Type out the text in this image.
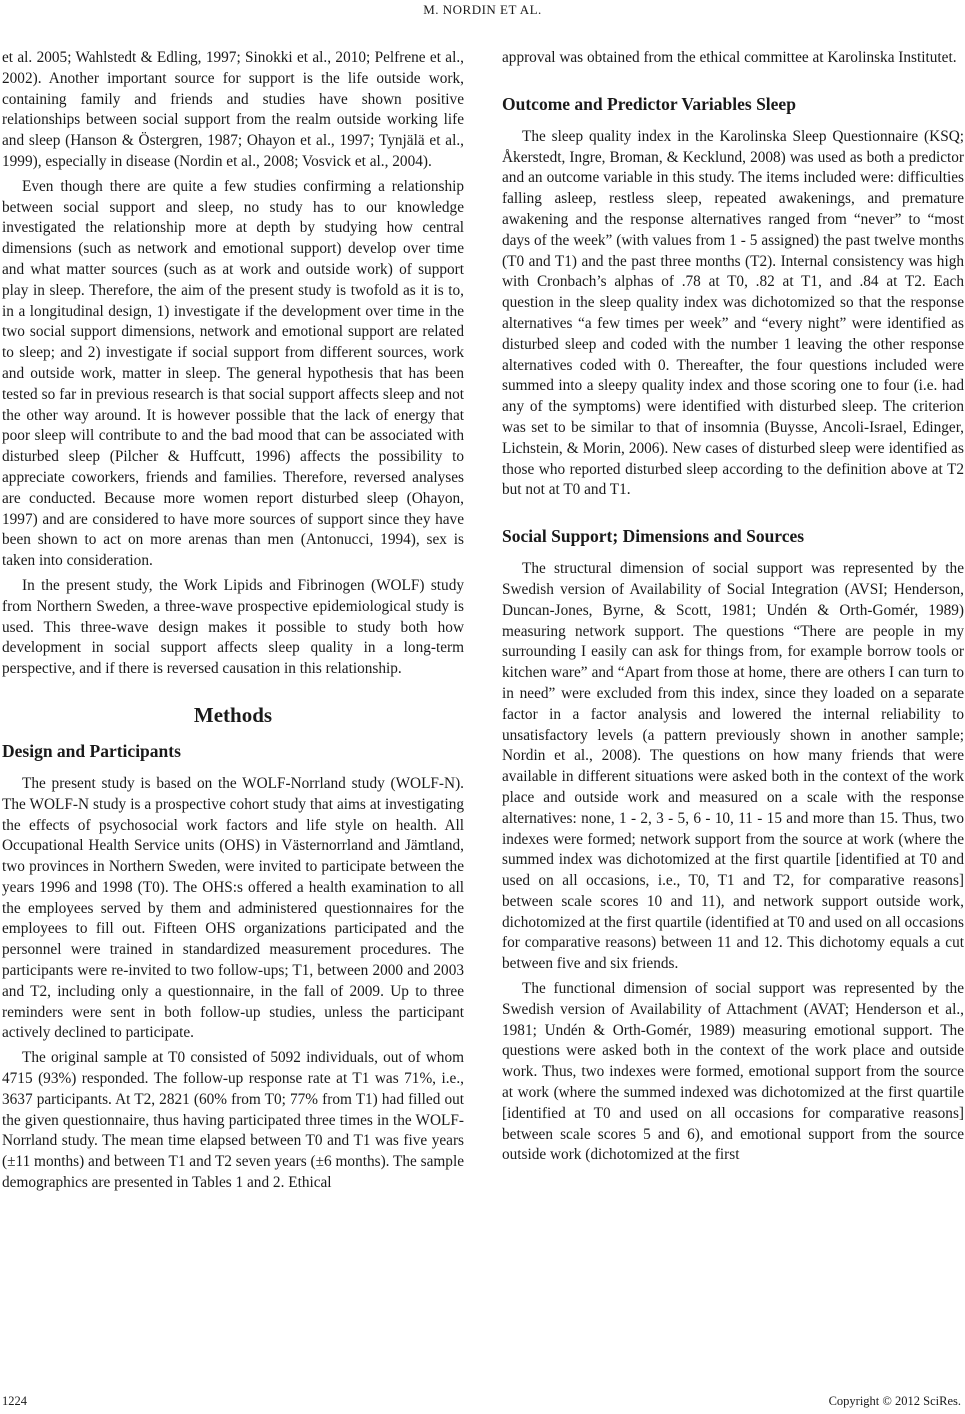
M. NORDIN ET AL.

et al. 2005; Wahlstedt & Edling, 1997; Sinokki et al., 2010; Pelfrene et al., 2002). Another important source for support is the life outside work, containing family and friends and studies have shown positive relationships between social support from the realm outside working life and sleep (Hanson & Östergren, 1987; Ohayon et al., 1997; Tynjälä et al., 1999), especially in disease (Nordin et al., 2008; Vosvick et al., 2004).

Even though there are quite a few studies confirming a relationship between social support and sleep, no study has to our knowledge investigated the relationship more at depth by studying how central dimensions (such as network and emotional support) develop over time and what matter sources (such as at work and outside work) of support play in sleep. Therefore, the aim of the present study is twofold as it is to, in a longitudinal design, 1) investigate if the development over time in the two social support dimensions, network and emotional support are related to sleep; and 2) investigate if social support from different sources, work and outside work, matter in sleep. The general hypothesis that has been tested so far in previous research is that social support affects sleep and not the other way around. It is however possible that the lack of energy that poor sleep will contribute to and the bad mood that can be associated with disturbed sleep (Pilcher & Huffcutt, 1996) affects the possibility to appreciate coworkers, friends and families. Therefore, reversed analyses are conducted. Because more women report disturbed sleep (Ohayon, 1997) and are considered to have more sources of support since they have been shown to act on more arenas than men (Antonucci, 1994), sex is taken into consideration.

In the present study, the Work Lipids and Fibrinogen (WOLF) study from Northern Sweden, a three-wave prospective epidemiological study is used. This three-wave design makes it possible to study both how development in social support affects sleep quality in a long-term perspective, and if there is reversed causation in this relationship.

Methods
Design and Participants

The present study is based on the WOLF-Norrland study (WOLF-N). The WOLF-N study is a prospective cohort study that aims at investigating the effects of psychosocial work factors and life style on health. All Occupational Health Service units (OHS) in Västernorrland and Jämtland, two provinces in Northern Sweden, were invited to participate between the years 1996 and 1998 (T0). The OHS:s offered a health examination to all the employees served by them and administered questionnaires for the employees to fill out. Fifteen OHS organizations participated and the personnel were trained in standardized measurement procedures. The participants were re-invited to two follow-ups; T1, between 2000 and 2003 and T2, including only a questionnaire, in the fall of 2009. Up to three reminders were sent in both follow-up studies, unless the participant actively declined to participate.

The original sample at T0 consisted of 5092 individuals, out of whom 4715 (93%) responded. The follow-up response rate at T1 was 71%, i.e., 3637 participants. At T2, 2821 (60% from T0; 77% from T1) had filled out the given questionnaire, thus having participated three times in the WOLF-Norrland study. The mean time elapsed between T0 and T1 was five years (±11 months) and between T1 and T2 seven years (±6 months). The sample demographics are presented in Tables 1 and 2. Ethical

approval was obtained from the ethical committee at Karolinska Institutet.

Outcome and Predictor Variables Sleep

The sleep quality index in the Karolinska Sleep Questionnaire (KSQ; Åkerstedt, Ingre, Broman, & Kecklund, 2008) was used as both a predictor and an outcome variable in this study. The items included were: difficulties falling asleep, restless sleep, repeated awakenings, and premature awakening and the response alternatives ranged from “never” to “most days of the week” (with values from 1 - 5 assigned) the past twelve months (T0 and T1) and the past three months (T2). Internal consistency was high with Cronbach’s alphas of .78 at T0, .82 at T1, and .84 at T2. Each question in the sleep quality index was dichotomized so that the response alternatives “a few times per week” and “every night” were identified as disturbed sleep and coded with the number 1 leaving the other response alternatives coded with 0. Thereafter, the four questions included were summed into a sleepy quality index and those scoring one to four (i.e. had any of the symptoms) were identified with disturbed sleep. The criterion was set to be similar to that of insomnia (Buysse, Ancoli-Israel, Edinger, Lichstein, & Morin, 2006). New cases of disturbed sleep were identified as those who reported disturbed sleep according to the definition above at T2 but not at T0 and T1.

Social Support; Dimensions and Sources

The structural dimension of social support was represented by the Swedish version of Availability of Social Integration (AVSI; Henderson, Duncan-Jones, Byrne, & Scott, 1981; Undén & Orth-Gomér, 1989) measuring network support. The questions “There are people in my surrounding I easily can ask for things from, for example borrow tools or kitchen ware” and “Apart from those at home, there are others I can turn to in need” were excluded from this index, since they loaded on a separate factor in a factor analysis and lowered the internal reliability to unsatisfactory levels (a pattern previously shown in another sample; Nordin et al., 2008). The questions on how many friends that were available in different situations were asked both in the context of the work place and outside work and measured on a scale with the response alternatives: none, 1 - 2, 3 - 5, 6 - 10, 11 - 15 and more than 15. Thus, two indexes were formed; network support from the source at work (where the summed index was dichotomized at the first quartile [identified at T0 and used on all occasions, i.e., T0, T1 and T2, for comparative reasons] between scale scores 10 and 11), and network support outside work, dichotomized at the first quartile (identified at T0 and used on all occasions for comparative reasons) between 11 and 12. This dichotomy equals a cut between five and six friends.

The functional dimension of social support was represented by the Swedish version of Availability of Attachment (AVAT; Henderson et al., 1981; Undén & Orth-Gomér, 1989) measuring emotional support. The questions were asked both in the context of the work place and outside work. Thus, two indexes were formed, emotional support from the source at work (where the summed indexed was dichotomized at the first quartile [identified at T0 and used on all occasions for comparative reasons] between scale scores 5 and 6), and emotional support from the source outside work (dichotomized at the first

1224	Copyright © 2012 SciRes.
